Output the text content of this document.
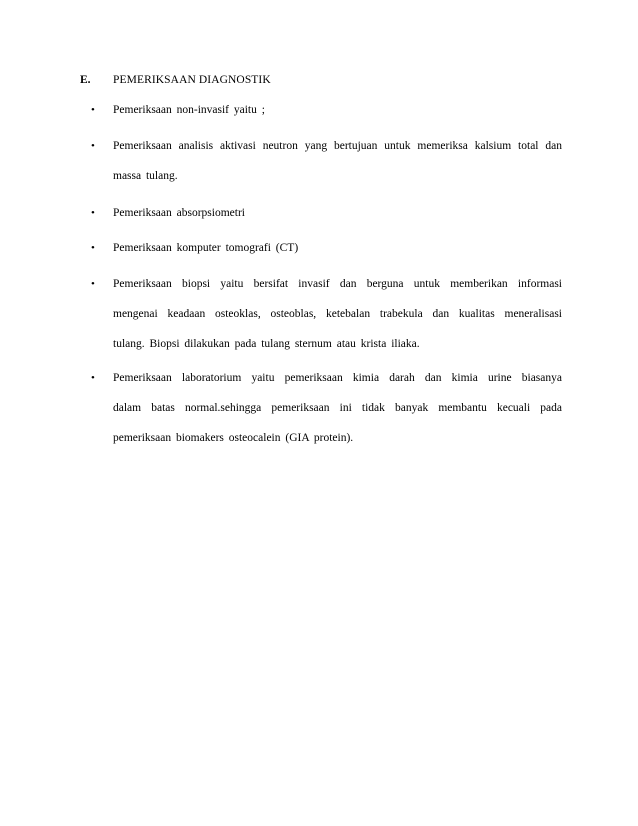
E. PEMERIKSAAN DIAGNOSTIK
•	Pemeriksaan non-invasif yaitu ;
•	Pemeriksaan analisis aktivasi neutron yang bertujuan untuk memeriksa kalsium total dan
massa tulang.
•	Pemeriksaan absorpsiometri
•	Pemeriksaan komputer tomografi (CT)
•	Pemeriksaan biopsi yaitu bersifat invasif dan berguna untuk memberikan informasi
mengenai keadaan osteoklas, osteoblas, ketebalan trabekula dan kualitas meneralisasi
tulang. Biopsi dilakukan pada tulang sternum atau krista iliaka.
•	Pemeriksaan laboratorium yaitu pemeriksaan kimia darah dan kimia urine biasanya
dalam batas normal.sehingga pemeriksaan ini tidak banyak membantu kecuali pada
pemeriksaan biomakers osteocalein (GIA protein).
